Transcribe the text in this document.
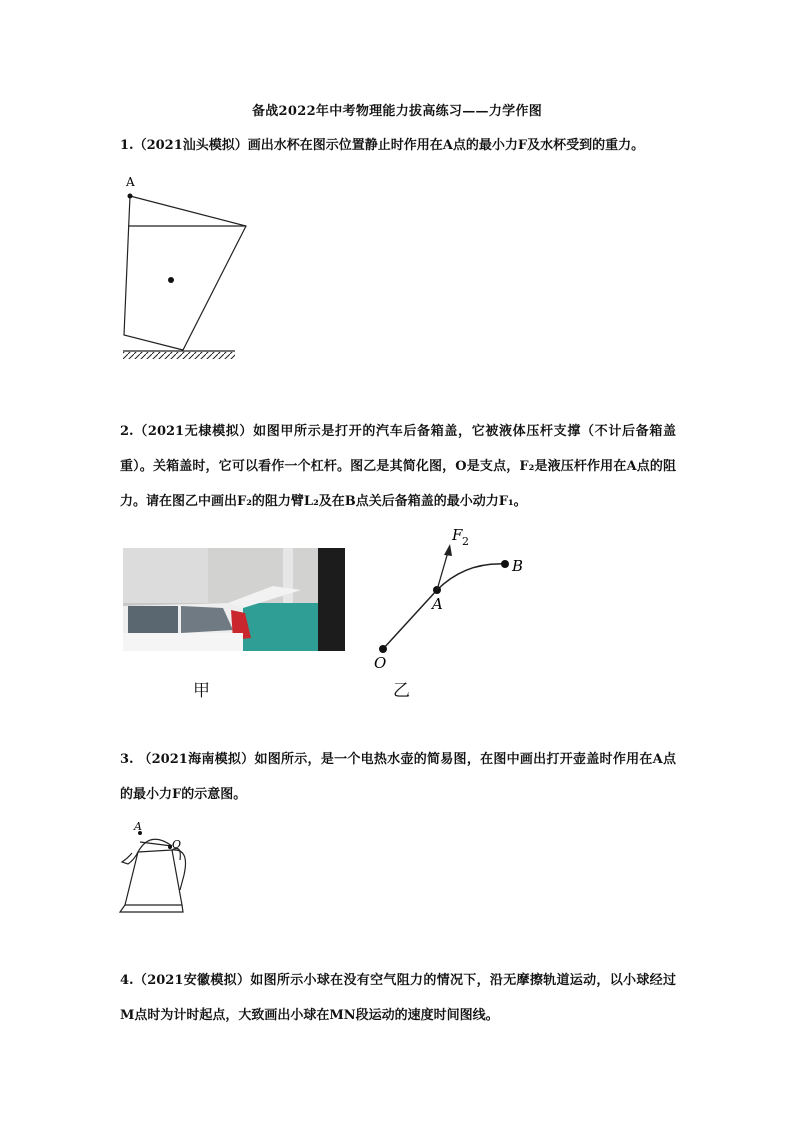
备战2022年中考物理能力拔高练习——力学作图
1.（2021汕头模拟）画出水杯在图示位置静止时作用在A点的最小力F及水杯受到的重力。
2.（2021无棣模拟）如图甲所示是打开的汽车后备箱盖，它被液体压杆支撑（不计后备箱盖重）。关箱盖时，它可以看作一个杠杆。图乙是其简化图，O是支点，F₂是液压杆作用在A点的阻力。请在图乙中画出F₂的阻力臂L₂及在B点关后备箱盖的最小动力F₁。
3. （2021海南模拟）如图所示，是一个电热水壶的简易图，在图中画出打开壶盖时作用在A点的最小力F的示意图。
4.（2021安徽模拟）如图所示小球在没有空气阻力的情况下，沿无摩擦轨道运动，以小球经过M点时为计时起点，大致画出小球在MN段运动的速度时间图线。
A
甲
F 2
B
A
O
乙
A
O
